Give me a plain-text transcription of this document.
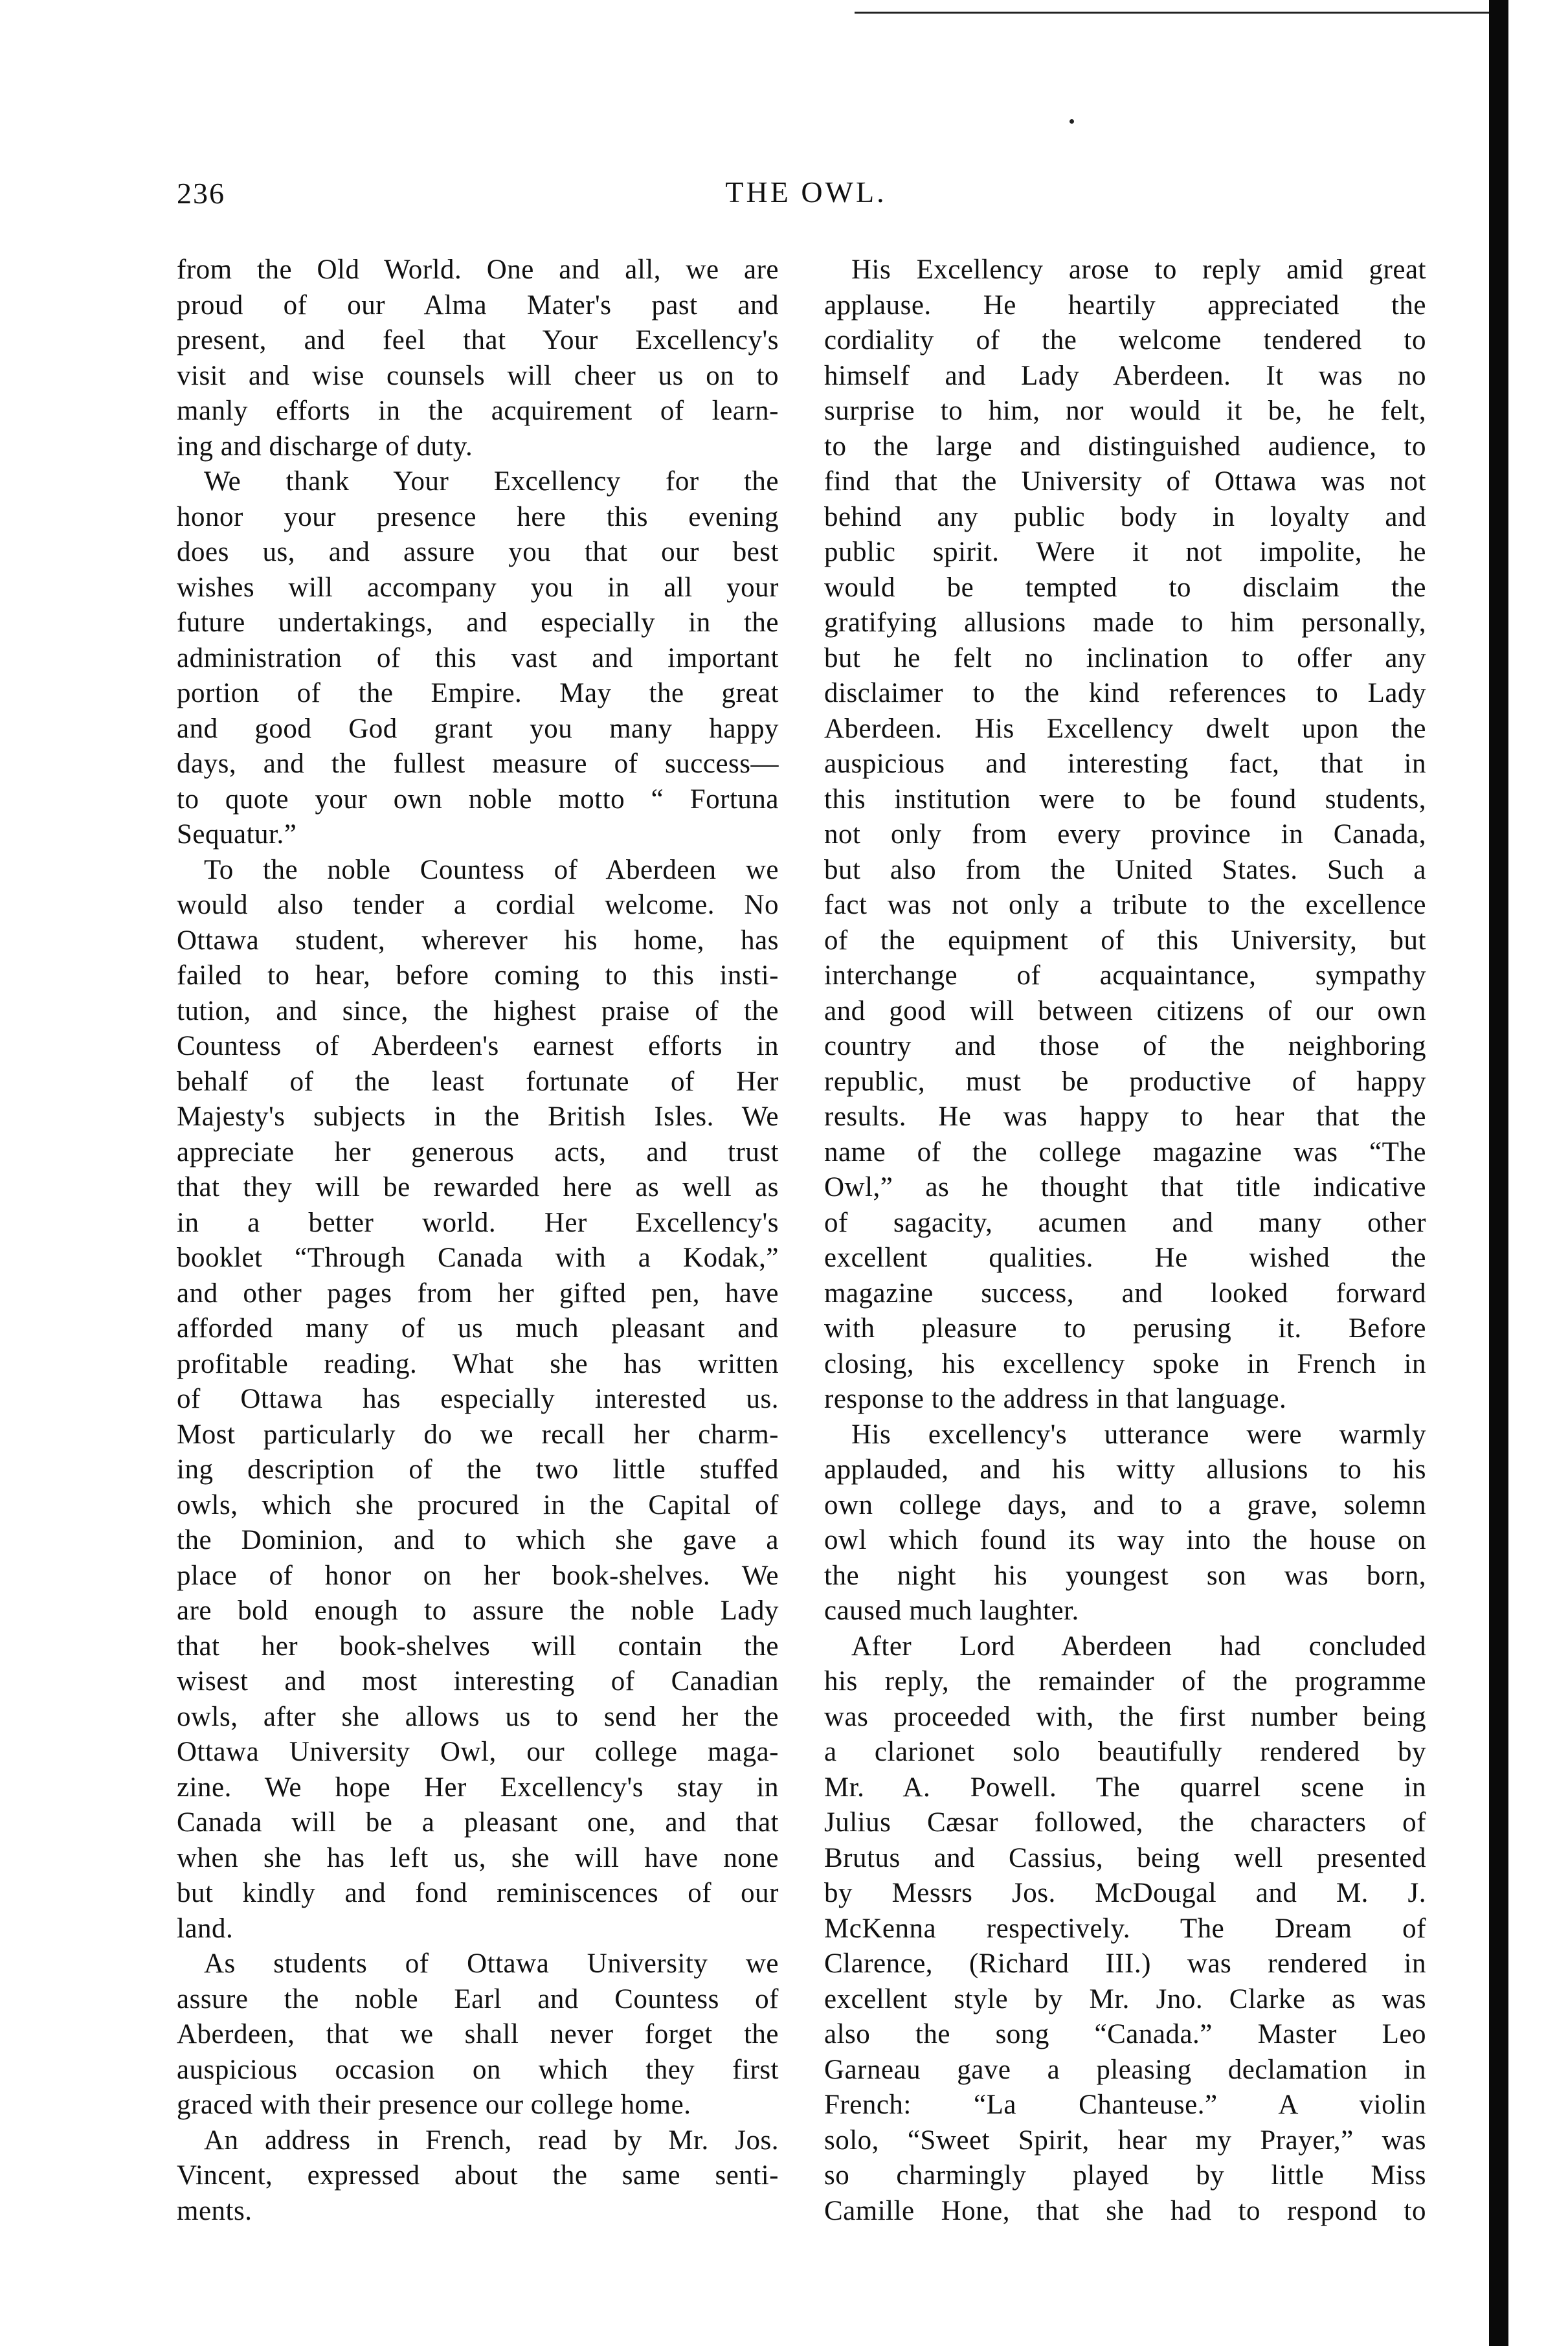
236	THE OWL.
from the Old World. One and all, we are
proud of our Alma Mater's past and
present, and feel that Your Excellency's
visit and wise counsels will cheer us on to
manly efforts in the acquirement of learn-
ing and discharge of duty.
We thank Your Excellency for the
honor your presence here this evening
does us, and assure you that our best
wishes will accompany you in all your
future undertakings, and especially in the
administration of this vast and important
portion of the Empire. May the great
and good God grant you many happy
days, and the fullest measure of success—
to quote your own noble motto “ Fortuna
Sequatur.”
To the noble Countess of Aberdeen we
would also tender a cordial welcome. No
Ottawa student, wherever his home, has
failed to hear, before coming to this insti-
tution, and since, the highest praise of the
Countess of Aberdeen's earnest efforts in
behalf of the least fortunate of Her
Majesty's subjects in the British Isles. We
appreciate her generous acts, and trust
that they will be rewarded here as well as
in a better world. Her Excellency's
booklet “Through Canada with a Kodak,”
and other pages from her gifted pen, have
afforded many of us much pleasant and
profitable reading. What she has written
of Ottawa has especially interested us.
Most particularly do we recall her charm-
ing description of the two little stuffed
owls, which she procured in the Capital of
the Dominion, and to which she gave a
place of honor on her book-shelves. We
are bold enough to assure the noble Lady
that her book-shelves will contain the
wisest and most interesting of Canadian
owls, after she allows us to send her the
Ottawa University Owl, our college maga-
zine. We hope Her Excellency's stay in
Canada will be a pleasant one, and that
when she has left us, she will have none
but kindly and fond reminiscences of our
land.
As students of Ottawa University we
assure the noble Earl and Countess of
Aberdeen, that we shall never forget the
auspicious occasion on which they first
graced with their presence our college home.
An address in French, read by Mr. Jos.
Vincent, expressed about the same senti-
ments.
His Excellency arose to reply amid great
applause. He heartily appreciated the
cordiality of the welcome tendered to
himself and Lady Aberdeen. It was no
surprise to him, nor would it be, he felt,
to the large and distinguished audience, to
find that the University of Ottawa was not
behind any public body in loyalty and
public spirit. Were it not impolite, he
would be tempted to disclaim the
gratifying allusions made to him personally,
but he felt no inclination to offer any
disclaimer to the kind references to Lady
Aberdeen. His Excellency dwelt upon the
auspicious and interesting fact, that in
this institution were to be found students,
not only from every province in Canada,
but also from the United States. Such a
fact was not only a tribute to the excellence
of the equipment of this University, but
interchange of acquaintance, sympathy
and good will between citizens of our own
country and those of the neighboring
republic, must be productive of happy
results. He was happy to hear that the
name of the college magazine was “The
Owl,” as he thought that title indicative
of sagacity, acumen and many other
excellent qualities. He wished the
magazine success, and looked forward
with pleasure to perusing it. Before
closing, his excellency spoke in French in
response to the address in that language.
His excellency's utterance were warmly
applauded, and his witty allusions to his
own college days, and to a grave, solemn
owl which found its way into the house on
the night his youngest son was born,
caused much laughter.
After Lord Aberdeen had concluded
his reply, the remainder of the programme
was proceeded with, the first number being
a clarionet solo beautifully rendered by
Mr. A. Powell. The quarrel scene in
Julius Cæsar followed, the characters of
Brutus and Cassius, being well presented
by Messrs Jos. McDougal and M. J.
McKenna respectively. The Dream of
Clarence, (Richard III.) was rendered in
excellent style by Mr. Jno. Clarke as was
also the song “Canada.” Master Leo
Garneau gave a pleasing declamation in
French: “La Chanteuse.” A violin
solo, “Sweet Spirit, hear my Prayer,” was
so charmingly played by little Miss
Camille Hone, that she had to respond to
